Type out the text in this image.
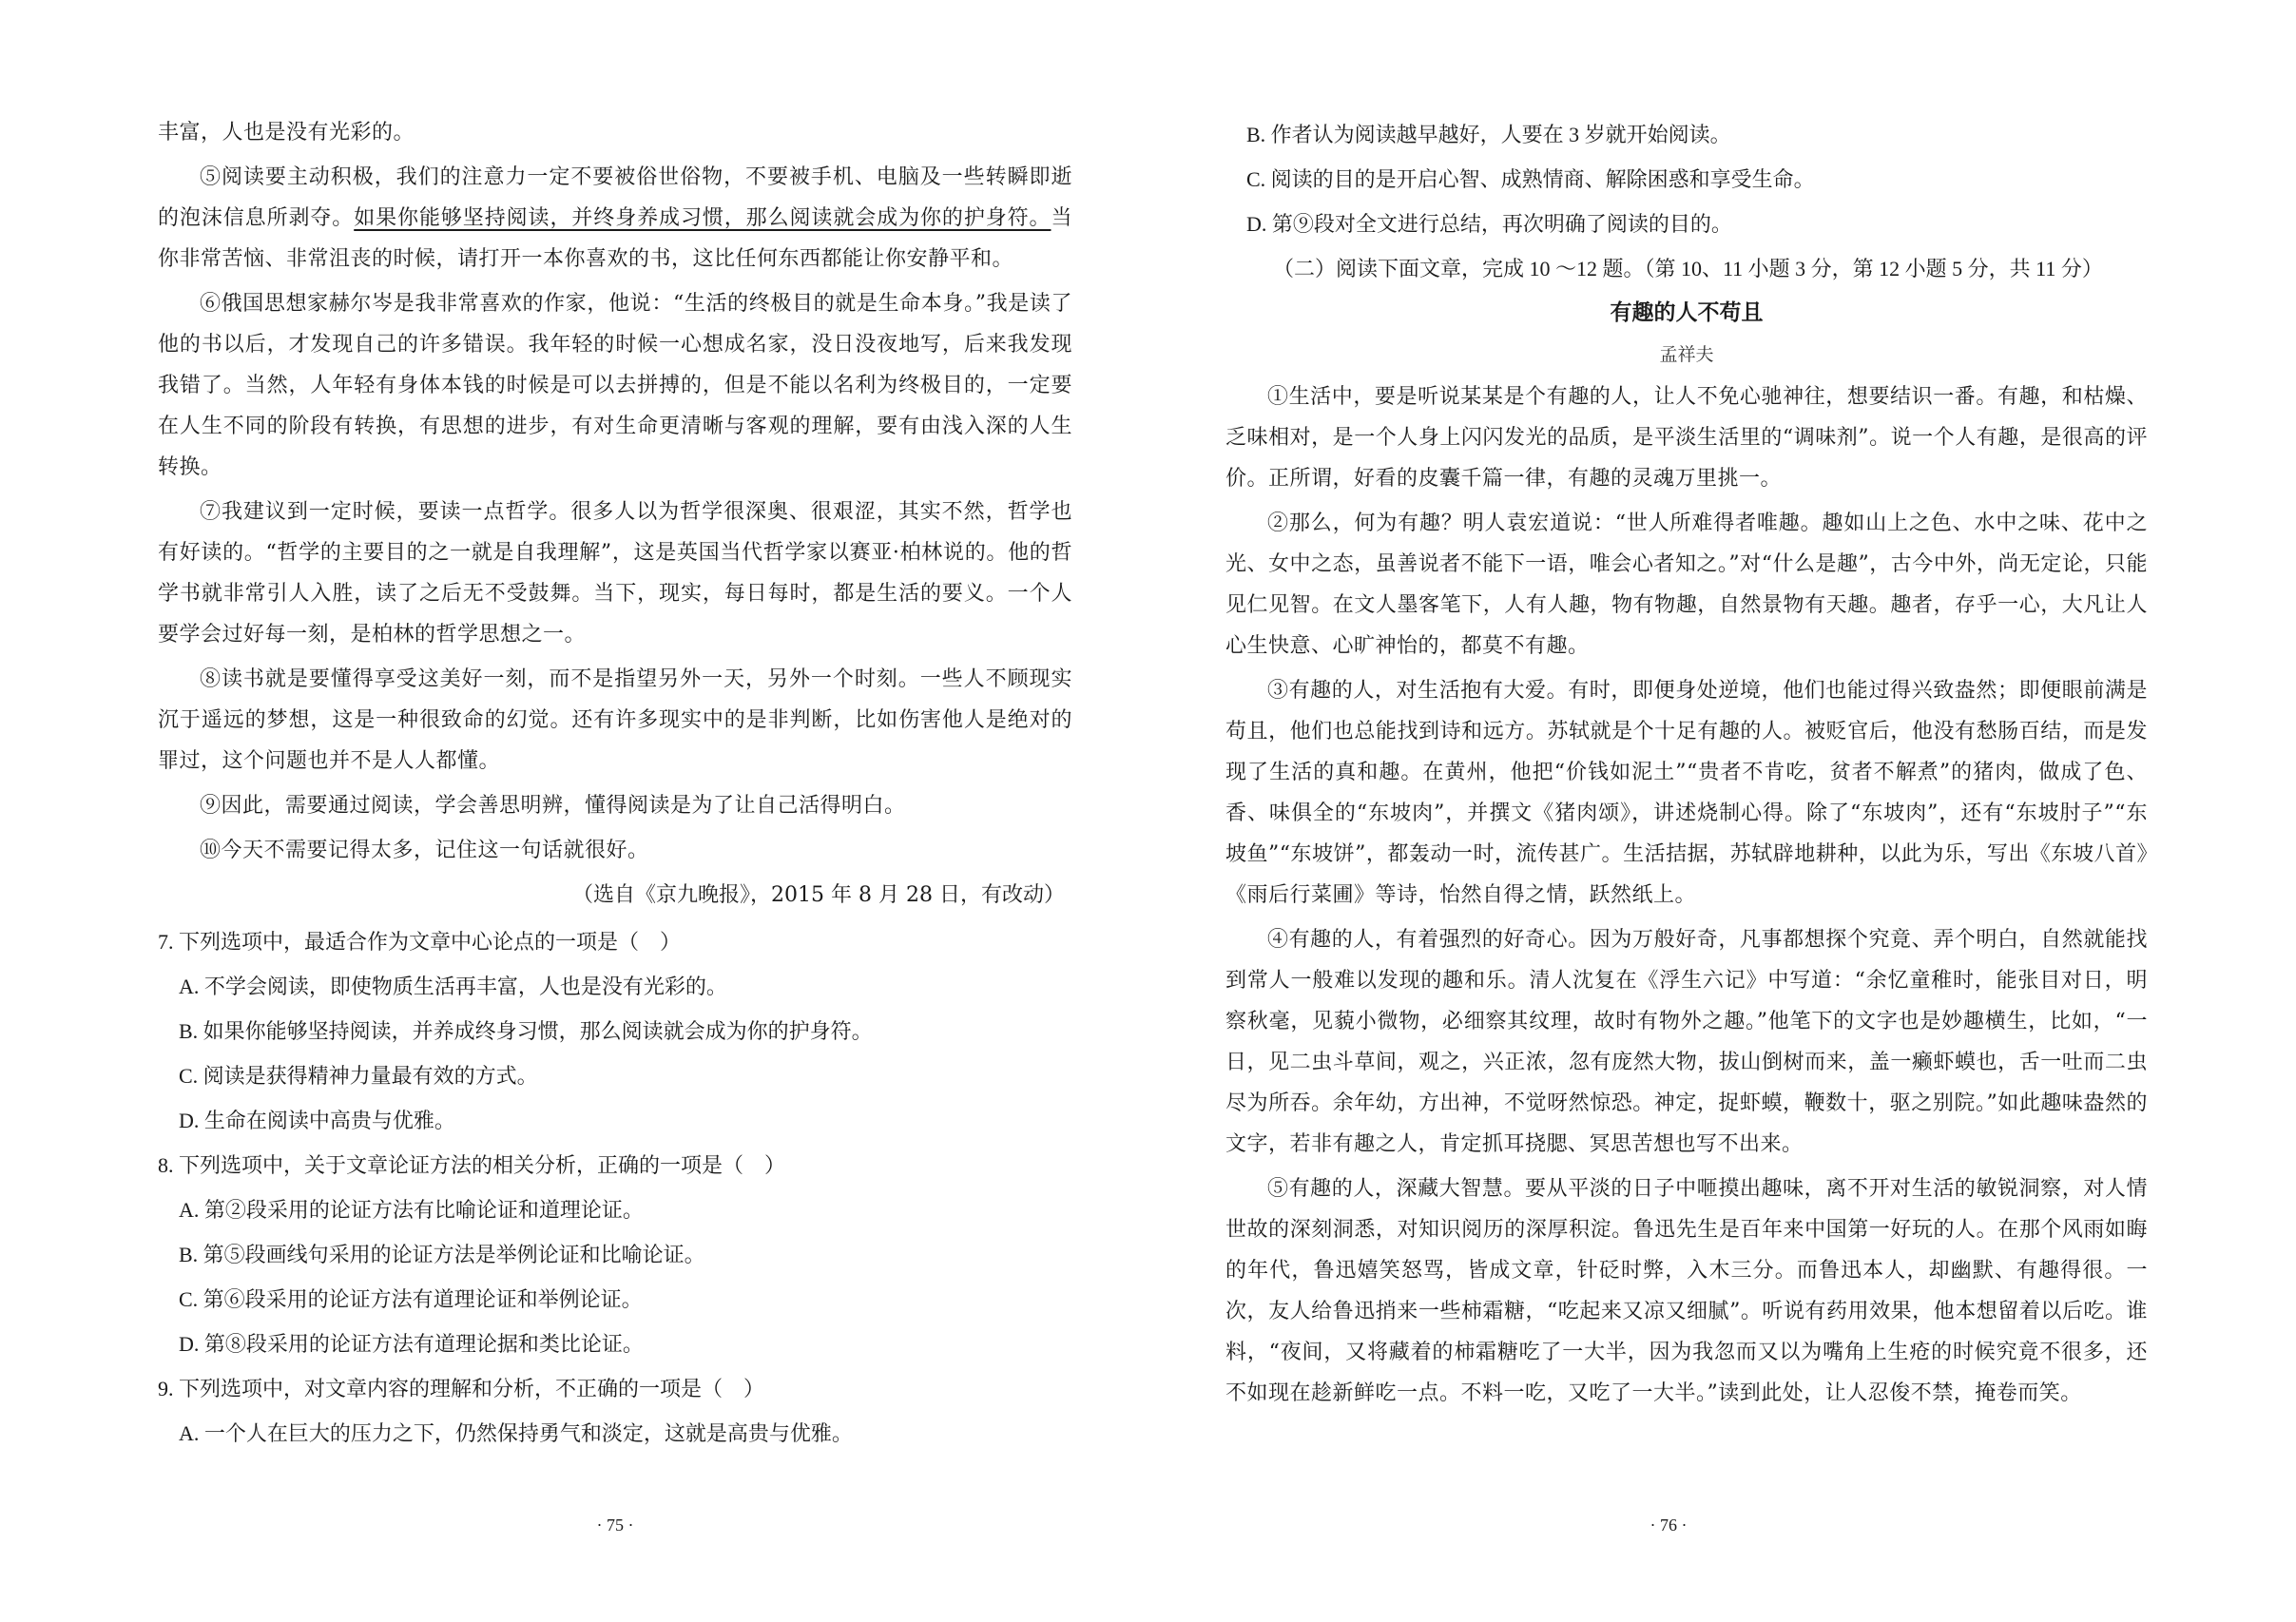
丰富，人也是没有光彩的。

⑤阅读要主动积极，我们的注意力一定不要被俗世俗物，不要被手机、电脑及一些转瞬即逝的泡沫信息所剥夺。如果你能够坚持阅读，并终身养成习惯，那么阅读就会成为你的护身符。当你非常苦恼、非常沮丧的时候，请打开一本你喜欢的书，这比任何东西都能让你安静平和。

⑥俄国思想家赫尔岑是我非常喜欢的作家，他说：“生活的终极目的就是生命本身。”我是读了他的书以后，才发现自己的许多错误。我年轻的时候一心想成名家，没日没夜地写，后来我发现我错了。当然，人年轻有身体本钱的时候是可以去拼搏的，但是不能以名利为终极目的，一定要在人生不同的阶段有转换，有思想的进步，有对生命更清晰与客观的理解，要有由浅入深的人生转换。

⑦我建议到一定时候，要读一点哲学。很多人以为哲学很深奥、很艰涩，其实不然，哲学也有好读的。“哲学的主要目的之一就是自我理解”，这是英国当代哲学家以赛亚·柏林说的。他的哲学书就非常引人入胜，读了之后无不受鼓舞。当下，现实，每日每时，都是生活的要义。一个人要学会过好每一刻，是柏林的哲学思想之一。

⑧读书就是要懂得享受这美好一刻，而不是指望另外一天，另外一个时刻。一些人不顾现实沉于遥远的梦想，这是一种很致命的幻觉。还有许多现实中的是非判断，比如伤害他人是绝对的罪过，这个问题也并不是人人都懂。

⑨因此，需要通过阅读，学会善思明辨，懂得阅读是为了让自己活得明白。

⑩今天不需要记得太多，记住这一句话就很好。

（选自《京九晚报》，2015 年 8 月 28 日，有改动）

7. 下列选项中，最适合作为文章中心论点的一项是（　）

A. 不学会阅读，即使物质生活再丰富，人也是没有光彩的。

B. 如果你能够坚持阅读，并养成终身习惯，那么阅读就会成为你的护身符。

C. 阅读是获得精神力量最有效的方式。

D. 生命在阅读中高贵与优雅。

8. 下列选项中，关于文章论证方法的相关分析，正确的一项是（　）

A. 第②段采用的论证方法有比喻论证和道理论证。

B. 第⑤段画线句采用的论证方法是举例论证和比喻论证。

C. 第⑥段采用的论证方法有道理论证和举例论证。

D. 第⑧段采用的论证方法有道理论据和类比论证。

9. 下列选项中，对文章内容的理解和分析，不正确的一项是（　）

A. 一个人在巨大的压力之下，仍然保持勇气和淡定，这就是高贵与优雅。

· 75 ·

B. 作者认为阅读越早越好，人要在 3 岁就开始阅读。

C. 阅读的目的是开启心智、成熟情商、解除困惑和享受生命。

D. 第⑨段对全文进行总结，再次明确了阅读的目的。

（二）阅读下面文章，完成 10 ～12 题。（第 10、11 小题 3 分，第 12 小题 5 分，共 11 分）

有趣的人不苟且

孟祥夫

①生活中，要是听说某某是个有趣的人，让人不免心驰神往，想要结识一番。有趣，和枯燥、乏味相对，是一个人身上闪闪发光的品质，是平淡生活里的“调味剂”。说一个人有趣，是很高的评价。正所谓，好看的皮囊千篇一律，有趣的灵魂万里挑一。

②那么，何为有趣？明人袁宏道说：“世人所难得者唯趣。趣如山上之色、水中之味、花中之光、女中之态，虽善说者不能下一语，唯会心者知之。”对“什么是趣”，古今中外，尚无定论，只能见仁见智。在文人墨客笔下，人有人趣，物有物趣，自然景物有天趣。趣者，存乎一心，大凡让人心生快意、心旷神怡的，都莫不有趣。

③有趣的人，对生活抱有大爱。有时，即便身处逆境，他们也能过得兴致盎然；即便眼前满是苟且，他们也总能找到诗和远方。苏轼就是个十足有趣的人。被贬官后，他没有愁肠百结，而是发现了生活的真和趣。在黄州，他把“价钱如泥土”“贵者不肯吃，贫者不解煮”的猪肉，做成了色、香、味俱全的“东坡肉”，并撰文《猪肉颂》，讲述烧制心得。除了“东坡肉”，还有“东坡肘子”“东坡鱼”“东坡饼”，都轰动一时，流传甚广。生活拮据，苏轼辟地耕种，以此为乐，写出《东坡八首》《雨后行菜圃》等诗，怡然自得之情，跃然纸上。

④有趣的人，有着强烈的好奇心。因为万般好奇，凡事都想探个究竟、弄个明白，自然就能找到常人一般难以发现的趣和乐。清人沈复在《浮生六记》中写道：“余忆童稚时，能张目对日，明察秋毫，见藐小微物，必细察其纹理，故时有物外之趣。”他笔下的文字也是妙趣横生，比如，“一日，见二虫斗草间，观之，兴正浓，忽有庞然大物，拔山倒树而来，盖一癞虾蟆也，舌一吐而二虫尽为所吞。余年幼，方出神，不觉呀然惊恐。神定，捉虾蟆，鞭数十，驱之别院。”如此趣味盎然的文字，若非有趣之人，肯定抓耳挠腮、冥思苦想也写不出来。

⑤有趣的人，深藏大智慧。要从平淡的日子中咂摸出趣味，离不开对生活的敏锐洞察，对人情世故的深刻洞悉，对知识阅历的深厚积淀。鲁迅先生是百年来中国第一好玩的人。在那个风雨如晦的年代，鲁迅嬉笑怒骂，皆成文章，针砭时弊，入木三分。而鲁迅本人，却幽默、有趣得很。一次，友人给鲁迅捎来一些柿霜糖，“吃起来又凉又细腻”。听说有药用效果，他本想留着以后吃。谁料，“夜间，又将藏着的柿霜糖吃了一大半，因为我忽而又以为嘴角上生疮的时候究竟不很多，还不如现在趁新鲜吃一点。不料一吃，又吃了一大半。”读到此处，让人忍俊不禁，掩卷而笑。

· 76 ·
